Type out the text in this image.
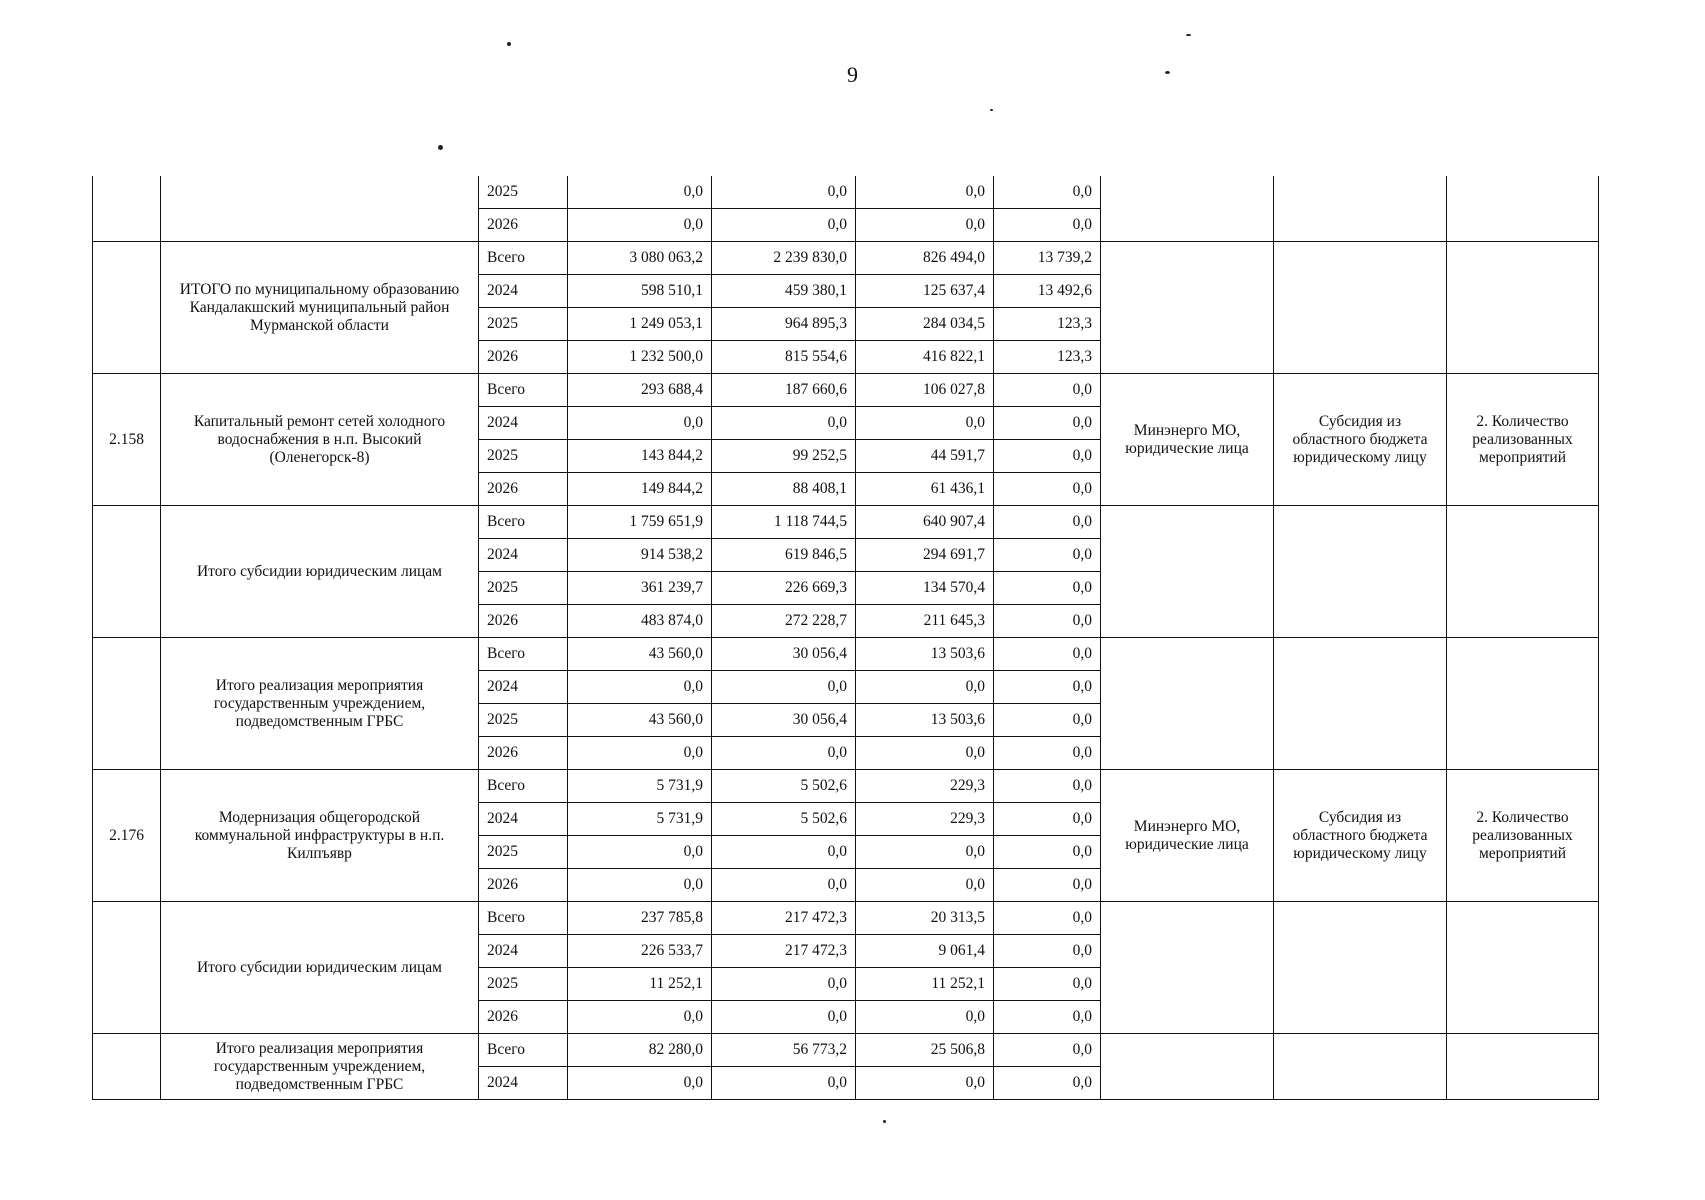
9
		2025	0,0	0,0	0,0	0,0			
		2026	0,0	0,0	0,0	0,0			
	ИТОГО по муниципальному образованию Кандалакшский муниципальный район Мурманской области	Всего	3 080 063,2	2 239 830,0	826 494,0	13 739,2			
		2024	598 510,1	459 380,1	125 637,4	13 492,6			
		2025	1 249 053,1	964 895,3	284 034,5	123,3			
		2026	1 232 500,0	815 554,6	416 822,1	123,3			
2.158	Капитальный ремонт сетей холодного водоснабжения в н.п. Высокий (Оленегорск-8)	Всего	293 688,4	187 660,6	106 027,8	0,0	Минэнерго МО, юридические лица	Субсидия из областного бюджета юридическому лицу	2. Количество реализованных мероприятий
		2024	0,0	0,0	0,0	0,0			
		2025	143 844,2	99 252,5	44 591,7	0,0			
		2026	149 844,2	88 408,1	61 436,1	0,0			
	Итого субсидии юридическим лицам	Всего	1 759 651,9	1 118 744,5	640 907,4	0,0			
		2024	914 538,2	619 846,5	294 691,7	0,0			
		2025	361 239,7	226 669,3	134 570,4	0,0			
		2026	483 874,0	272 228,7	211 645,3	0,0			
	Итого реализация мероприятия государственным учреждением, подведомственным ГРБС	Всего	43 560,0	30 056,4	13 503,6	0,0			
		2024	0,0	0,0	0,0	0,0			
		2025	43 560,0	30 056,4	13 503,6	0,0			
		2026	0,0	0,0	0,0	0,0			
2.176	Модернизация общегородской коммунальной инфраструктуры в н.п. Килпъявр	Всего	5 731,9	5 502,6	229,3	0,0	Минэнерго МО, юридические лица	Субсидия из областного бюджета юридическому лицу	2. Количество реализованных мероприятий
		2024	5 731,9	5 502,6	229,3	0,0			
		2025	0,0	0,0	0,0	0,0			
		2026	0,0	0,0	0,0	0,0			
	Итого субсидии юридическим лицам	Всего	237 785,8	217 472,3	20 313,5	0,0			
		2024	226 533,7	217 472,3	9 061,4	0,0			
		2025	11 252,1	0,0	11 252,1	0,0			
		2026	0,0	0,0	0,0	0,0			
	Итого реализация мероприятия государственным учреждением, подведомственным ГРБС	Всего	82 280,0	56 773,2	25 506,8	0,0			
		2024	0,0	0,0	0,0	0,0			
